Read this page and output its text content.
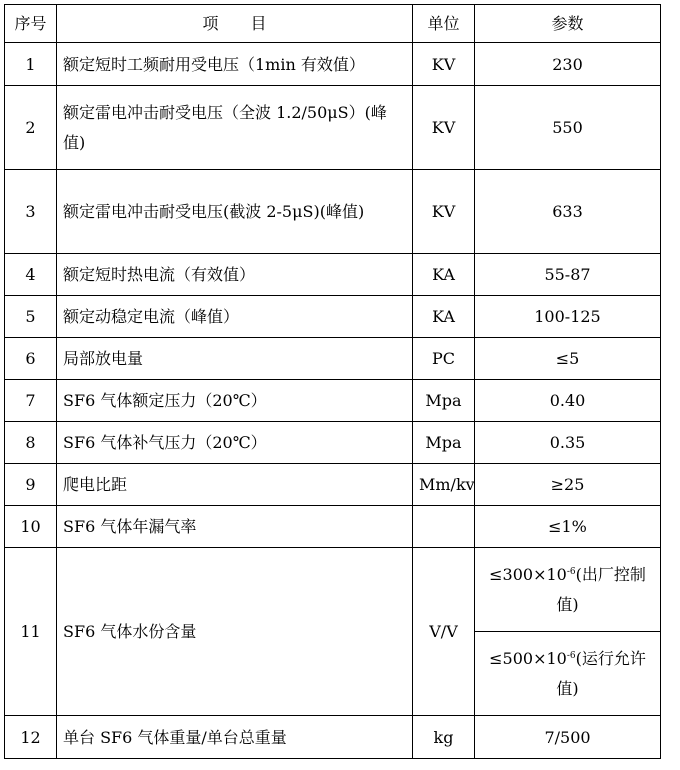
序号	项　　目	单位	参数
1	额定短时工频耐用受电压（1min 有效值）	KV	230
2	额定雷电冲击耐受电压（全波 1.2/50μS）(峰值)	KV	550
3	额定雷电冲击耐受电压(截波 2-5μS)(峰值)	KV	633
4	额定短时热电流（有效值）	KA	55-87
5	额定动稳定电流（峰值）	KA	100-125
6	局部放电量	PC	≤5
7	SF6 气体额定压力（20℃）	Mpa	0.40
8	SF6 气体补气压力（20℃）	Mpa	0.35
9	爬电比距	Mm/kv	≥25
10	SF6 气体年漏气率		≤1%
11	SF6 气体水份含量	V/V	$\le 300\times 10^{-6}$(出厂控制值)
			$\le 500\times 10^{-6}$(运行允许值)
12	单台 SF6 气体重量/单台总重量	kg	7/500
